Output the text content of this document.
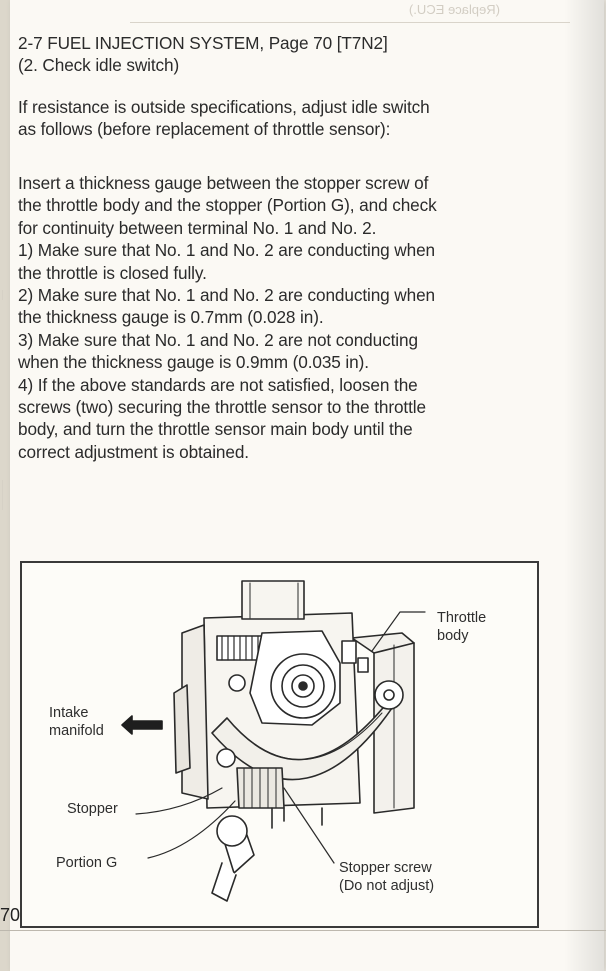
(Replace ECU.)
2-7 FUEL INJECTION SYSTEM, Page 70 [T7N2]
(2. Check idle switch)
If resistance is outside specifications, adjust idle switch
as follows (before replacement of throttle sensor):
Insert a thickness gauge between the stopper screw of
the throttle body and the stopper (Portion G), and check
for continuity between terminal No. 1 and No. 2.
1) Make sure that No. 1 and No. 2 are conducting when
the throttle is closed fully.
2) Make sure that No. 1 and No. 2 are conducting when
the thickness gauge is 0.7mm (0.028 in).
3) Make sure that No. 1 and No. 2 are not conducting
when the thickness gauge is 0.9mm (0.035 in).
4) If the above standards are not satisfied, loosen the
screws (two) securing the throttle sensor to the throttle
body, and turn the throttle sensor main body until the
correct adjustment is obtained.
Throttle
body
Intake
manifold
Stopper
Portion G	Stopper screw
(Do not adjust)
70
